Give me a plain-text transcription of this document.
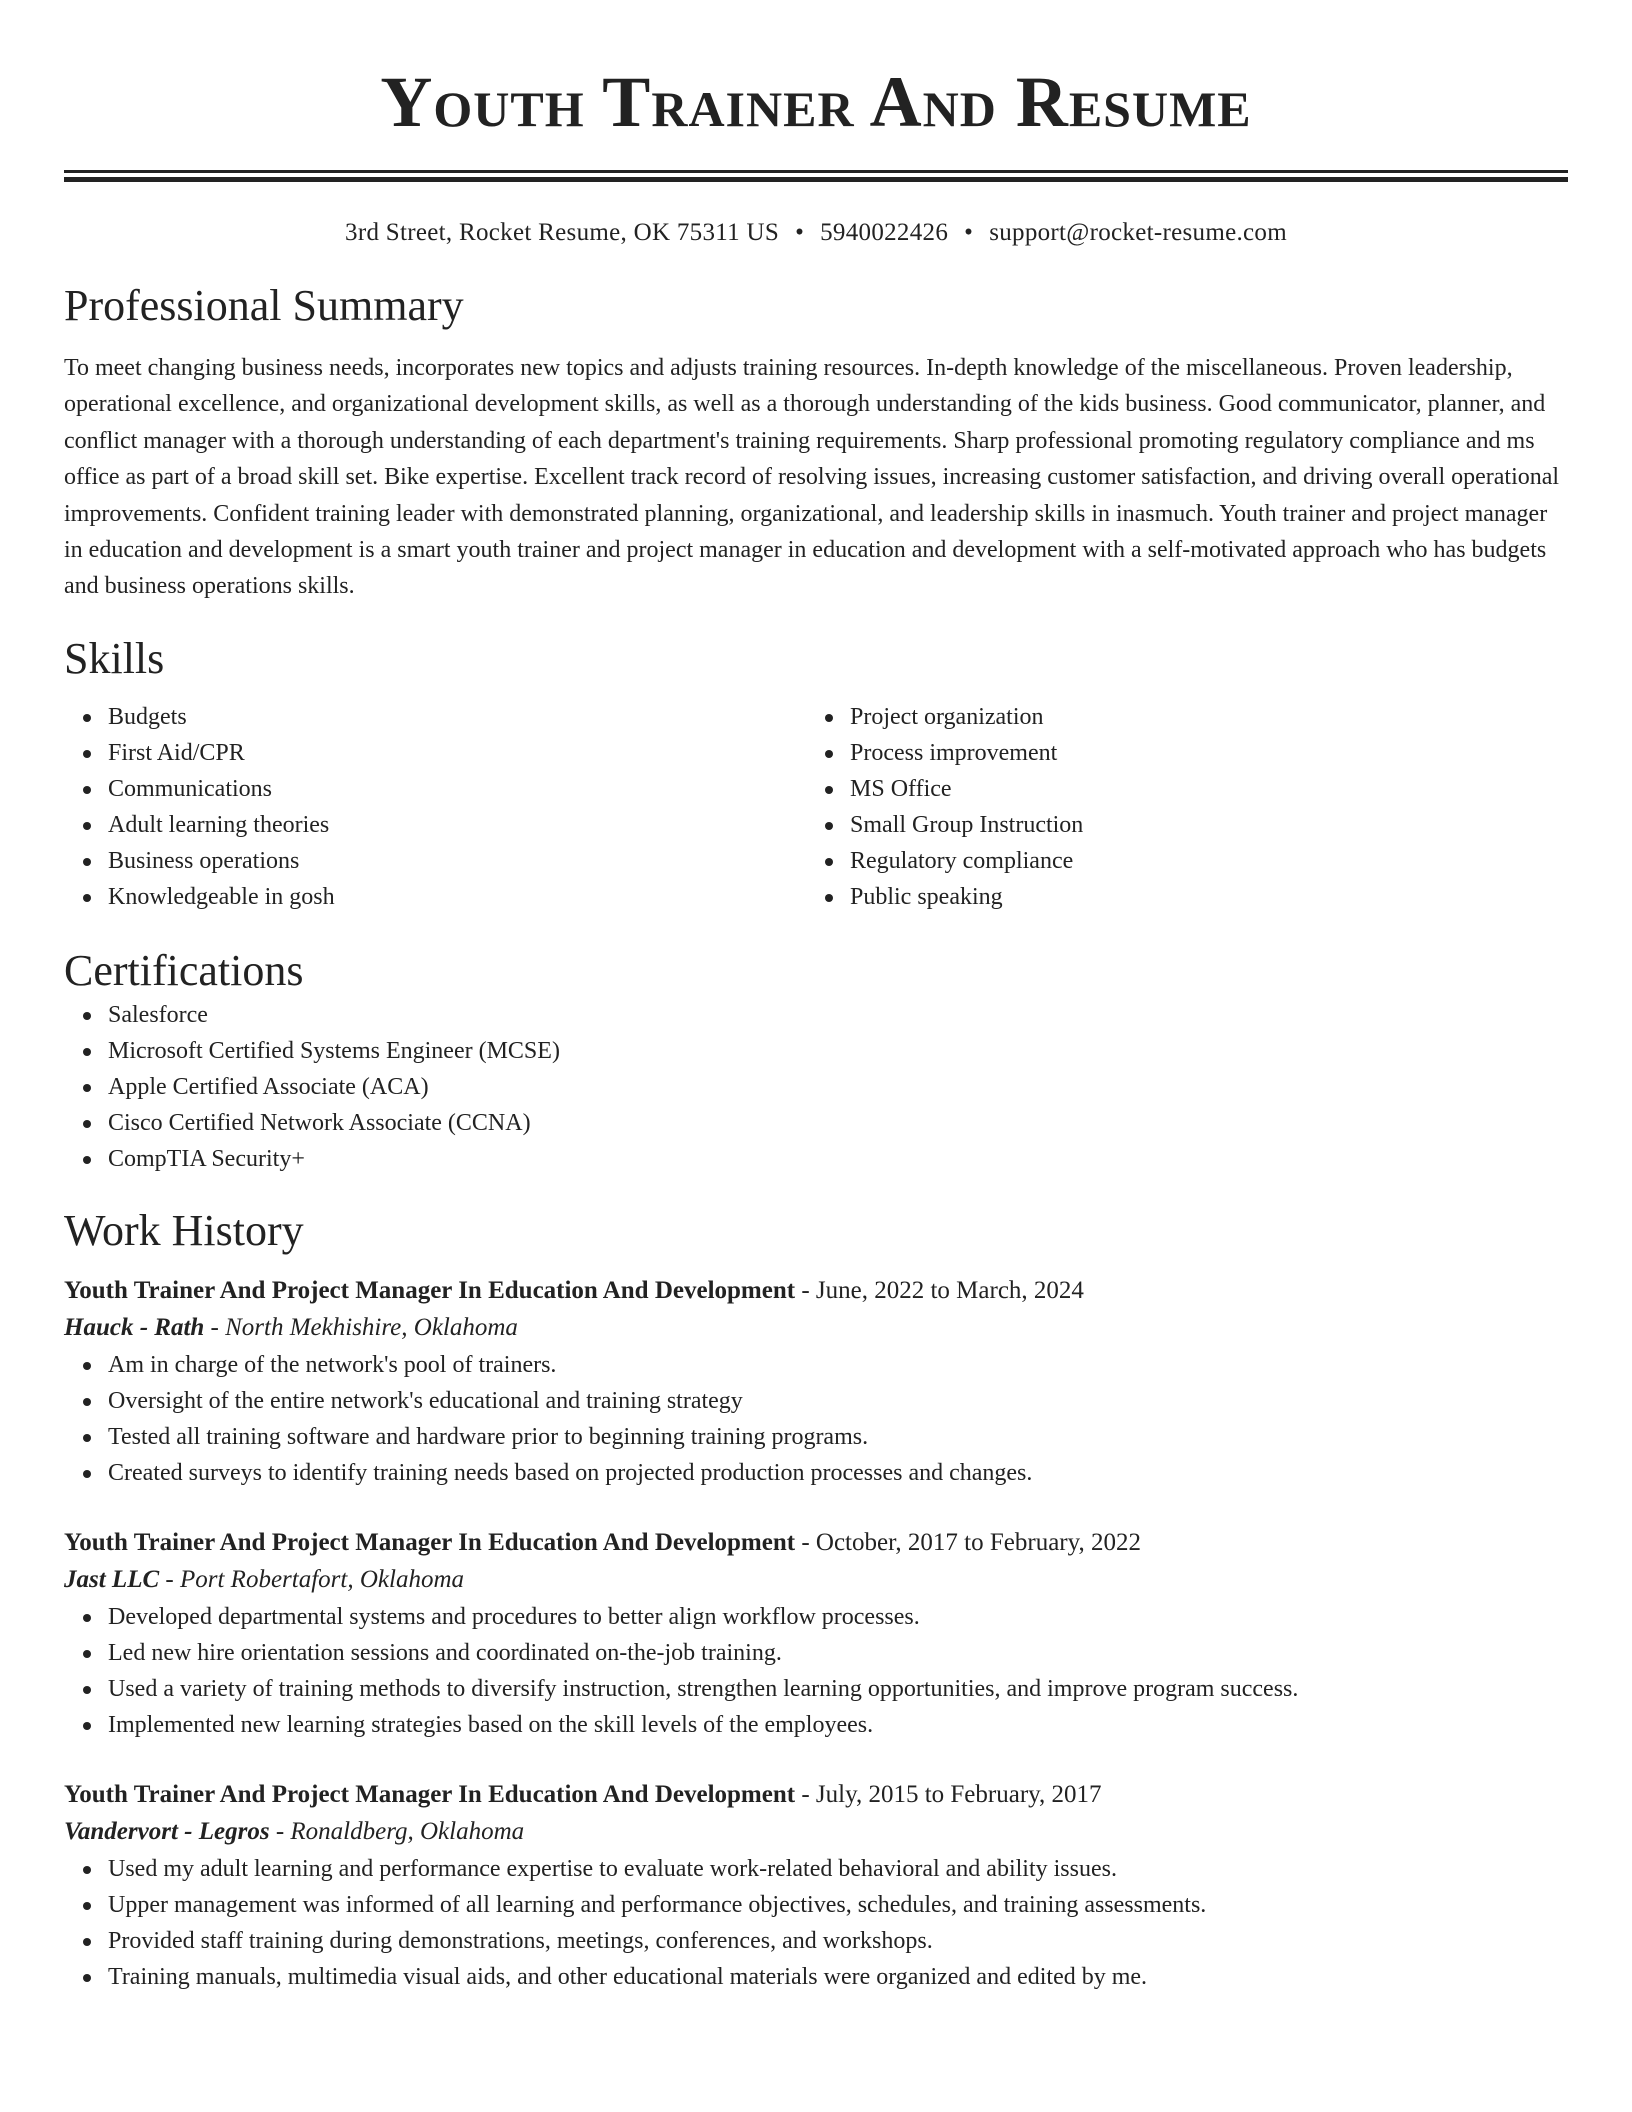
Youth Trainer And Resume
3rd Street, Rocket Resume, OK 75311 US • 5940022426 • support@rocket-resume.com
Professional Summary

To meet changing business needs, incorporates new topics and adjusts training resources. In-depth knowledge of the miscellaneous. Proven leadership, operational excellence, and organizational development skills, as well as a thorough understanding of the kids business. Good communicator, planner, and conflict manager with a thorough understanding of each department's training requirements. Sharp professional promoting regulatory compliance and ms office as part of a broad skill set. Bike expertise. Excellent track record of resolving issues, increasing customer satisfaction, and driving overall operational improvements. Confident training leader with demonstrated planning, organizational, and leadership skills in inasmuch. Youth trainer and project manager in education and development is a smart youth trainer and project manager in education and development with a self-motivated approach who has budgets and business operations skills.

Skills
Budgets
First Aid/CPR
Communications
Adult learning theories
Business operations
Knowledgeable in gosh
Project organization
Process improvement
MS Office
Small Group Instruction
Regulatory compliance
Public speaking
Certifications
Salesforce
Microsoft Certified Systems Engineer (MCSE)
Apple Certified Associate (ACA)
Cisco Certified Network Associate (CCNA)
CompTIA Security+
Work History
Youth Trainer And Project Manager In Education And Development - June, 2022 to March, 2024
Hauck - Rath - North Mekhishire, Oklahoma
Am in charge of the network's pool of trainers.
Oversight of the entire network's educational and training strategy
Tested all training software and hardware prior to beginning training programs.
Created surveys to identify training needs based on projected production processes and changes.
Youth Trainer And Project Manager In Education And Development - October, 2017 to February, 2022
Jast LLC - Port Robertafort, Oklahoma
Developed departmental systems and procedures to better align workflow processes.
Led new hire orientation sessions and coordinated on-the-job training.
Used a variety of training methods to diversify instruction, strengthen learning opportunities, and improve program success.
Implemented new learning strategies based on the skill levels of the employees.
Youth Trainer And Project Manager In Education And Development - July, 2015 to February, 2017
Vandervort - Legros - Ronaldberg, Oklahoma
Used my adult learning and performance expertise to evaluate work-related behavioral and ability issues.
Upper management was informed of all learning and performance objectives, schedules, and training assessments.
Provided staff training during demonstrations, meetings, conferences, and workshops.
Training manuals, multimedia visual aids, and other educational materials were organized and edited by me.
